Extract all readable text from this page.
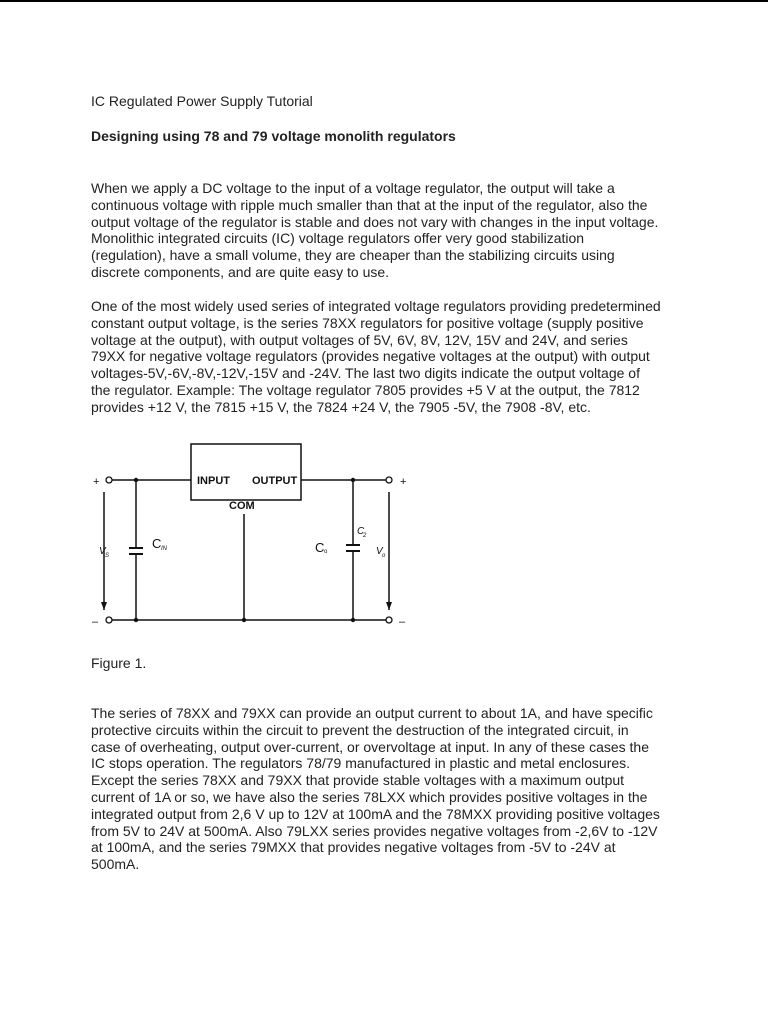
IC Regulated Power Supply Tutorial
Designing using 78 and 79 voltage monolith regulators

When we apply a DC voltage to the input of a voltage regulator, the output will take a
continuous voltage with ripple much smaller than that at the input of the regulator, also the
output voltage of the regulator is stable and does not vary with changes in the input voltage.
Monolithic integrated circuits (IC) voltage regulators offer very good stabilization
(regulation), have a small volume, they are cheaper than the stabilizing circuits using
discrete components, and are quite easy to use.

One of the most widely used series of integrated voltage regulators providing predetermined
constant output voltage, is the series 78XX regulators for positive voltage (supply positive
voltage at the output), with output voltages of 5V, 6V, 8V, 12V, 15V and 24V, and series
79XX for negative voltage regulators (provides negative voltages at the output) with output
voltages-5V,-6V,-8V,-12V,-15V and -24V. The last two digits indicate the output voltage of
the regulator. Example: The voltage regulator 7805 provides +5 V at the output, the 7812
provides +12 V, the 7815 +15 V, the 7824 +24 V, the 7905 -5V, the 7908 -8V, etc.

INPUT OUTPUT
COM
+	+
–	–
V S
C IN	C o
C
2
V o
Figure 1.

The series of 78XX and 79XX can provide an output current to about 1A, and have specific
protective circuits within the circuit to prevent the destruction of the integrated circuit, in
case of overheating, output over-current, or overvoltage at input. In any of these cases the
IC stops operation. The regulators 78/79 manufactured in plastic and metal enclosures.
Except the series 78XX and 79XX that provide stable voltages with a maximum output
current of 1A or so, we have also the series 78LXX which provides positive voltages in the
integrated output from 2,6 V up to 12V at 100mA and the 78MXX providing positive voltages
from 5V to 24V at 500mA. Also 79LXX series provides negative voltages from -2,6V to -12V
at 100mA, and the series 79MXX that provides negative voltages from -5V to -24V at
500mA.
